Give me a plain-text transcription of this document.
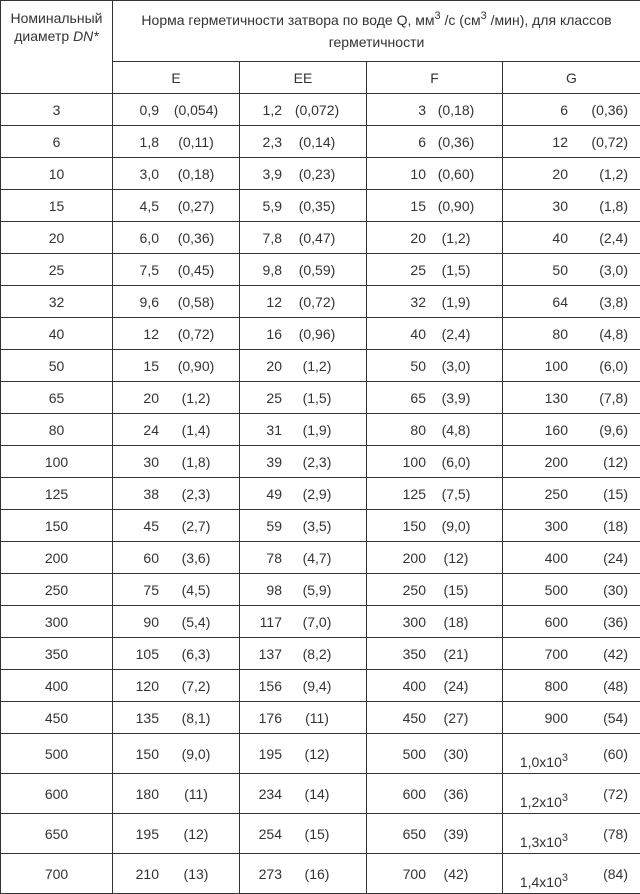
Номинальный
диаметр DN*	Норма герметичности затвора по воде Q, $мм^3$ /с ($см^3$ /мин), для классов герметичности			
	E	EE	F	G
3	0,9 (0,054)	1,2 (0,072)	3 (0,18)	6 (0,36)

6	1,8 (0,11)	2,3 (0,14)	6 (0,36)	12 (0,72)

10	3,0 (0,18)	3,9 (0,23)	10 (0,60)	20 (1,2)

15	4,5 (0,27)	5,9 (0,35)	15 (0,90)	30 (1,8)

20	6,0 (0,36)	7,8 (0,47)	20 (1,2)	40 (2,4)

25	7,5 (0,45)	9,8 (0,59)	25 (1,5)	50 (3,0)

32	9,6 (0,58)	12 (0,72)	32 (1,9)	64 (3,8)

40	12 (0,72)	16 (0,96)	40 (2,4)	80 (4,8)

50	15 (0,90)	20 (1,2)	50 (3,0)	100 (6,0)

65	20 (1,2)	25 (1,5)	65 (3,9)	130 (7,8)

80	24 (1,4)	31 (1,9)	80 (4,8)	160 (9,6)

100	30 (1,8)	39 (2,3)	100 (6,0)	200 (12)

125	38 (2,3)	49 (2,9)	125 (7,5)	250 (15)

150	45 (2,7)	59 (3,5)	150 (9,0)	300 (18)

200	60 (3,6)	78 (4,7)	200 (12)	400 (24)

250	75 (4,5)	98 (5,9)	250 (15)	500 (30)

300	90 (5,4)	117 (7,0)	300 (18)	600 (36)

350	105 (6,3)	137 (8,2)	350 (21)	700 (42)

400	120 (7,2)	156 (9,4)	400 (24)	800 (48)

450	135 (8,1)	176 (11)	450 (27)	900 (54)

500	150 (9,0)	195 (12)	500 (30)	$1,0x10^3$ (60)

600	180 (11)	234 (14)	600 (36)	$1,2x10^3$ (72)

650	195 (12)	254 (15)	650 (39)	$1,3x10^3$ (78)

700	210 (13)	273 (16)	700 (42)	$1,4x10^3$ (84)
